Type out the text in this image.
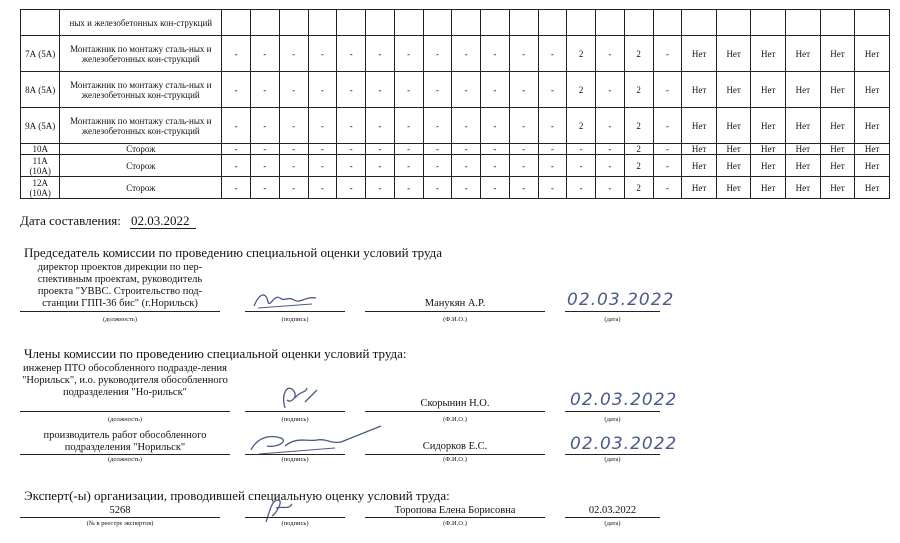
	ных и железобетонных кон-струкций																						
7А (5А)	Монтажник по монтажу сталь-ных и железобетонных кон-струкций	-	-	-	-	-	-	-	-	-	-	-	-	2	-	2	-	Нет	Нет	Нет	Нет	Нет	Нет
8А (5А)	Монтажник по монтажу сталь-ных и железобетонных кон-струкций	-	-	-	-	-	-	-	-	-	-	-	-	2	-	2	-	Нет	Нет	Нет	Нет	Нет	Нет
9А (5А)	Монтажник по монтажу сталь-ных и железобетонных кон-струкций	-	-	-	-	-	-	-	-	-	-	-	-	2	-	2	-	Нет	Нет	Нет	Нет	Нет	Нет
10А	Сторож	-	-	-	-	-	-	-	-	-	-	-	-	-	-	2	-	Нет	Нет	Нет	Нет	Нет	Нет
11А (10А)	Сторож	-	-	-	-	-	-	-	-	-	-	-	-	-	-	2	-	Нет	Нет	Нет	Нет	Нет	Нет
12А (10А)	Сторож	-	-	-	-	-	-	-	-	-	-	-	-	-	-	2	-	Нет	Нет	Нет	Нет	Нет	Нет
Дата составления: 02.03.2022
Председатель комиссии по проведению специальной оценки условий труда
директор проектов дирекции по пер-спективным проектам, руководитель проекта "УВВС. Строительство под-станции ГПП-36 бис" (г.Норильск)
(должность)	(подпись)
Манукян А.Р.
(Ф.И.О.)
02.03.2022
(дата)
Члены комиссии по проведению специальной оценки условий труда:
инженер ПТО обособленного подразде-ления "Норильск", и.о. руководителя обособленного подразделения "Но-рильск"
(должность)	(подпись)
Скорынин Н.О.
(Ф.И.О.)
02.03.2022
(дата)
производитель работ обособленного подразделения "Норильск"
(должность)	(подпись)
Сидорков Е.С.
(Ф.И.О.)
02.03.2022
(дата)
Эксперт(-ы) организации, проводившей специальную оценку условий труда:
5268
(№ в реестре экспертов)	(подпись)
Торопова Елена Борисовна
(Ф.И.О.)
02.03.2022
(дата)
